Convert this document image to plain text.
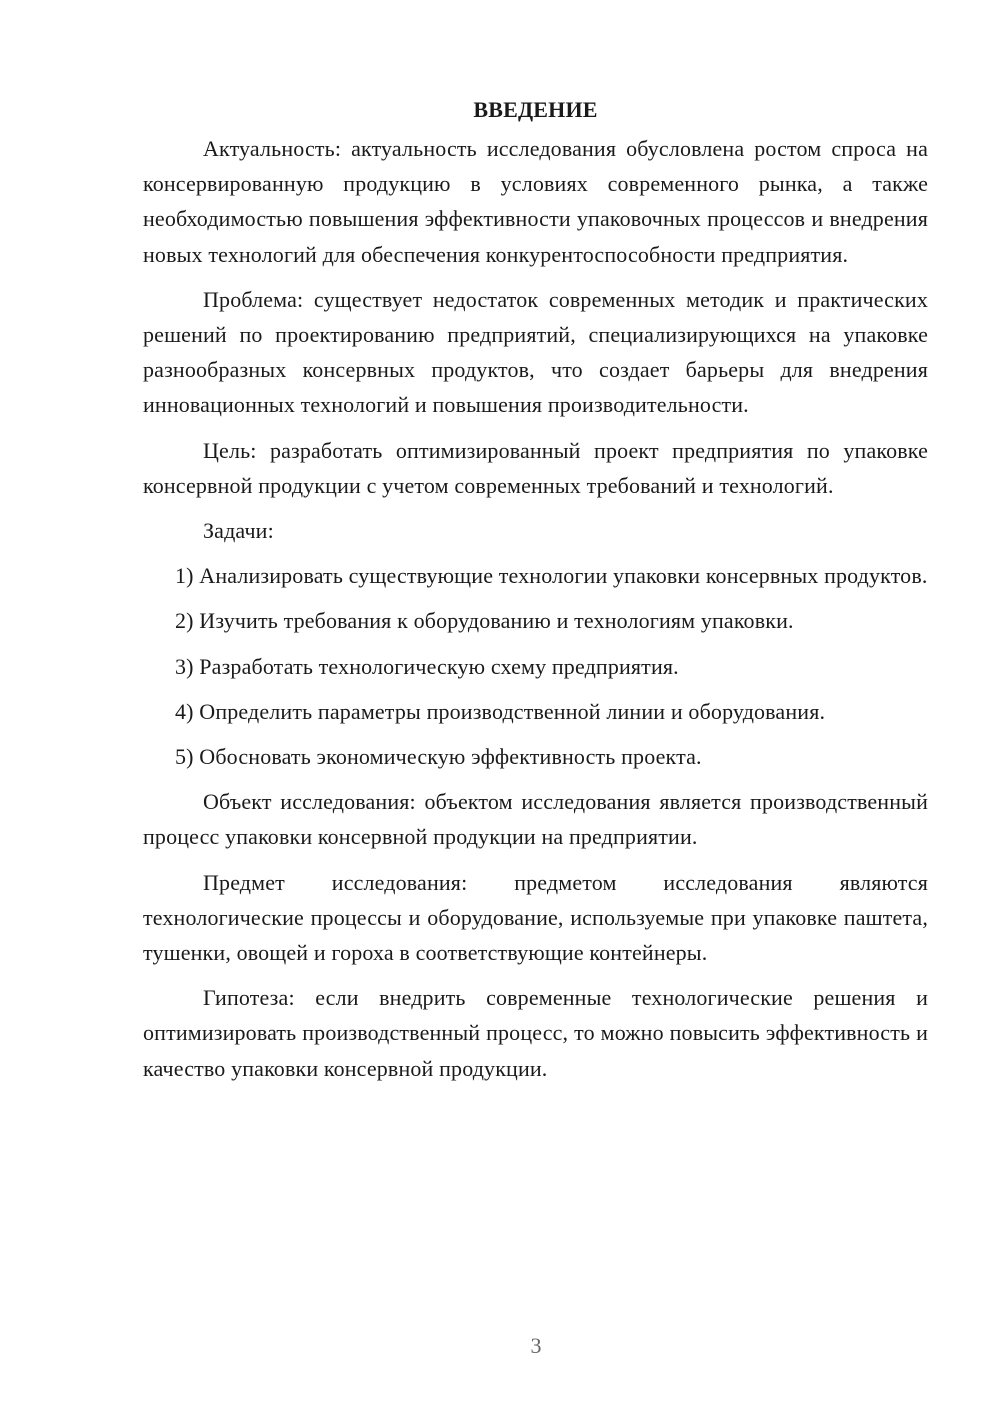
ВВЕДЕНИЕ

Актуальность: актуальность исследования обусловлена ростом спроса на консервированную продукцию в условиях современного рынка, а также необходимостью повышения эффективности упаковочных процессов и внедрения новых технологий для обеспечения конкурентоспособности предприятия.

Проблема: существует недостаток современных методик и практических решений по проектированию предприятий, специализирующихся на упаковке разнообразных консервных продуктов, что создает барьеры для внедрения инновационных технологий и повышения производительности.

Цель: разработать оптимизированный проект предприятия по упаковке консервной продукции с учетом современных требований и технологий.

Задачи:

1) Анализировать существующие технологии упаковки консервных продуктов.

2) Изучить требования к оборудованию и технологиям упаковки.

3) Разработать технологическую схему предприятия.

4) Определить параметры производственной линии и оборудования.

5) Обосновать экономическую эффективность проекта.

Объект исследования: объектом исследования является производственный процесс упаковки консервной продукции на предприятии.

Предмет исследования: предметом исследования являются технологические процессы и оборудование, используемые при упаковке паштета, тушенки, овощей и гороха в соответствующие контейнеры.

Гипотеза: если внедрить современные технологические решения и оптимизировать производственный процесс, то можно повысить эффективность и качество упаковки консервной продукции.

3
